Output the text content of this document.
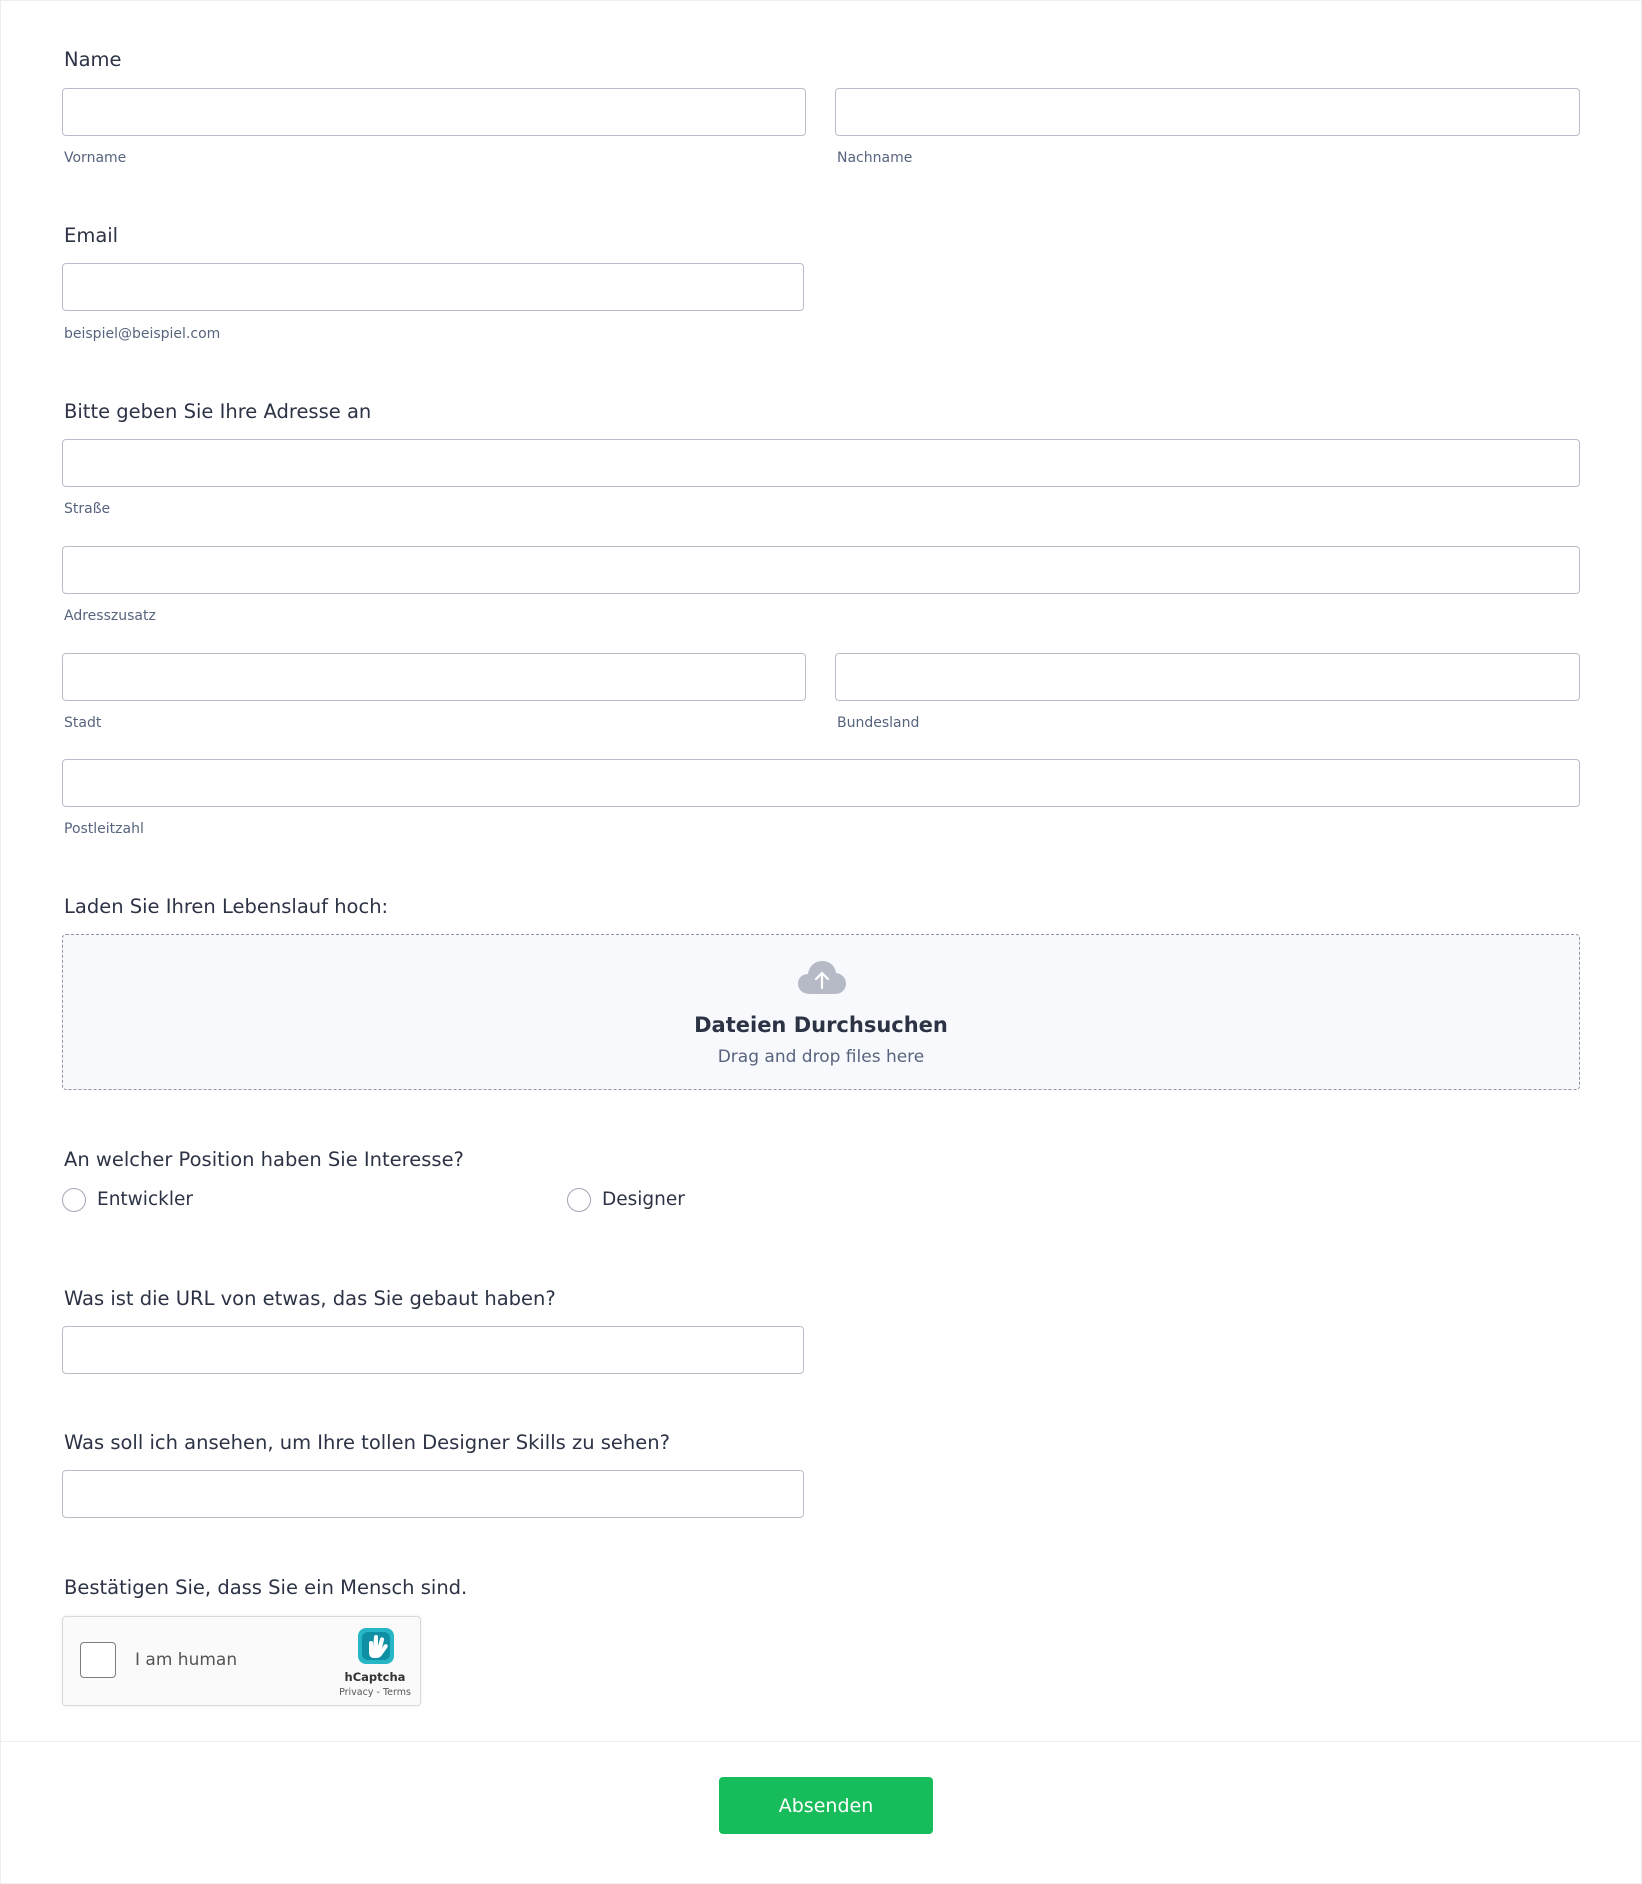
Name
Vorname	Nachname
Email
beispiel@beispiel.com
Bitte geben Sie Ihre Adresse an
Straße
Adresszusatz
Stadt	Bundesland
Postleitzahl
Laden Sie Ihren Lebenslauf hoch:
Dateien Durchsuchen
Drag and drop files here
An welcher Position haben Sie Interesse?
Entwickler	Designer
Was ist die URL von etwas, das Sie gebaut haben?
Was soll ich ansehen, um Ihre tollen Designer Skills zu sehen?
Bestätigen Sie, dass Sie ein Mensch sind.
I am human
hCaptcha
Privacy - Terms
Absenden
